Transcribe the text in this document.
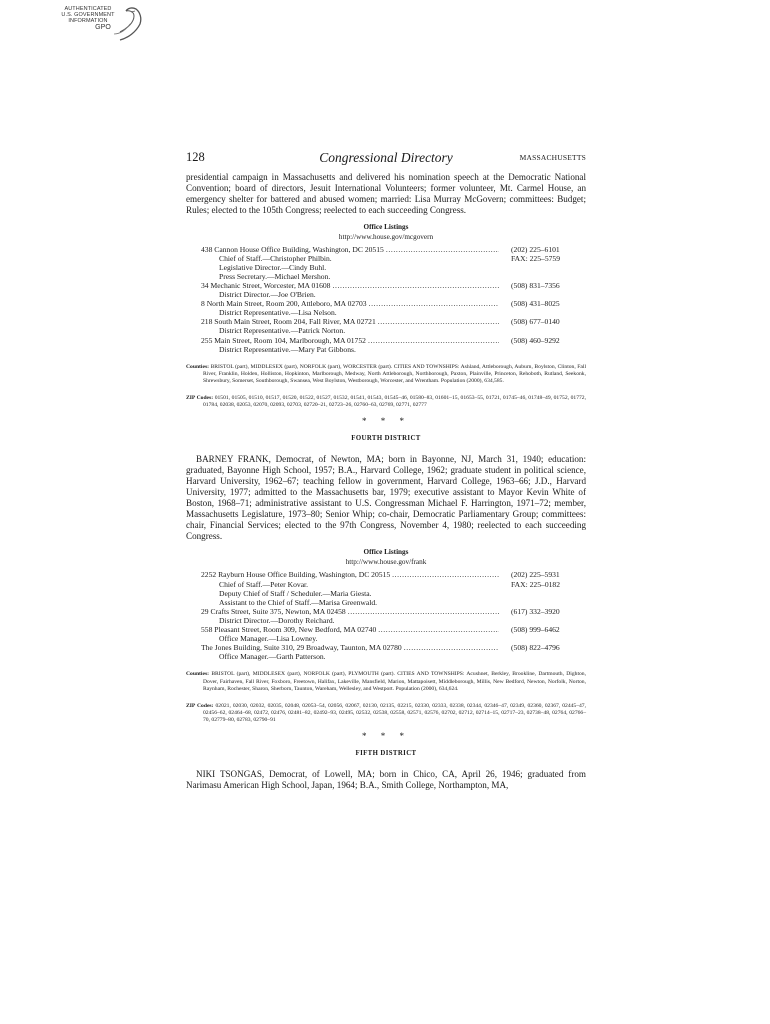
AUTHENTICATED
U.S. GOVERNMENT
INFORMATION
GPO
128	Congressional Directory	MASSACHUSETTS

presidential campaign in Massachusetts and delivered his nomination speech at the Democratic National Convention; board of directors, Jesuit International Volunteers; former volunteer, Mt. Carmel House, an emergency shelter for battered and abused women; married: Lisa Murray McGovern; committees: Budget; Rules; elected to the 105th Congress; reelected to each succeeding Congress.

Office Listings
http://www.house.gov/mcgovern
438 Cannon House Office Building, Washington, DC 20515
.....
Chief of Staff.—Christopher Philbin.
Legislative Director.—Cindy Buhl.
Press Secretary.—Michael Mershon.
(202) 225–6101
FAX: 225–5759
34 Mechanic Street, Worcester, MA 01608
.....
District Director.—Joe O'Brien.
(508) 831–7356
8 North Main Street, Room 200, Attleboro, MA 02703
.....
District Representative.—Lisa Nelson.
(508) 431–8025
218 South Main Street, Room 204, Fall River, MA 02721
.....
District Representative.—Patrick Norton.
(508) 677–0140
255 Main Street, Room 104, Marlborough, MA 01752
.....
District Representative.—Mary Pat Gibbons.
(508) 460–9292
Counties: BRISTOL (part), MIDDLESEX (part), NORFOLK (part), WORCESTER (part). CITIES AND TOWNSHIPS: Ashland, Attleborough, Auburn, Boylston, Clinton, Fall River, Franklin, Holden, Holliston, Hopkinton, Marlborough, Medway, North Attleborough, Northborough, Paxton, Plainville, Princeton, Rehoboth, Rutland, Seekonk, Shrewsbury, Somerset, Southborough, Swansea, West Boylston, Westborough, Worcester, and Wrentham. Population (2000), 634,585.
ZIP Codes: 01501, 01505, 01510, 01517, 01520, 01522, 01527, 01532, 01541, 01543, 01545–46, 01580–83, 01601–15, 01653–55, 01721, 01745–46, 01748–49, 01752, 01772, 01784, 02038, 02053, 02070, 02093, 02703, 02720–21, 02723–26, 02760–63, 02769, 02771, 02777
* * *
FOURTH DISTRICT

BARNEY FRANK, Democrat, of Newton, MA; born in Bayonne, NJ, March 31, 1940; education: graduated, Bayonne High School, 1957; B.A., Harvard College, 1962; graduate student in political science, Harvard University, 1962–67; teaching fellow in government, Harvard College, 1963–66; J.D., Harvard University, 1977; admitted to the Massachusetts bar, 1979; executive assistant to Mayor Kevin White of Boston, 1968–71; administrative assistant to U.S. Congressman Michael F. Harrington, 1971–72; member, Massachusetts Legislature, 1973–80; Senior Whip; co-chair, Democratic Parliamentary Group; committees: chair, Financial Services; elected to the 97th Congress, November 4, 1980; reelected to each succeeding Congress.

Office Listings
http://www.house.gov/frank
2252 Rayburn House Office Building, Washington, DC 20515
.....
Chief of Staff.—Peter Kovar.
Deputy Chief of Staff / Scheduler.—Maria Giesta.
Assistant to the Chief of Staff.—Marisa Greenwald.
(202) 225–5931
FAX: 225–0182
29 Crafts Street, Suite 375, Newton, MA 02458
.....
District Director.—Dorothy Reichard.
(617) 332–3920
558 Pleasant Street, Room 309, New Bedford, MA 02740
.....
Office Manager.—Lisa Lowney.
(508) 999–6462
The Jones Building, Suite 310, 29 Broadway, Taunton, MA 02780
.....
Office Manager.—Garth Patterson.
(508) 822–4796
Counties: BRISTOL (part), MIDDLESEX (part), NORFOLK (part), PLYMOUTH (part). CITIES AND TOWNSHIPS: Acushnet, Berkley, Brookline, Dartmouth, Dighton, Dover, Fairhaven, Fall River, Foxboro, Freetown, Halifax, Lakeville, Mansfield, Marion, Mattapoisett, Middleborough, Millis, New Bedford, Newton, Norfolk, Norton, Raynham, Rochester, Sharon, Sherborn, Taunton, Wareham, Wellesley, and Westport. Population (2000), 634,624.
ZIP Codes: 02021, 02030, 02032, 02035, 02048, 02053–54, 02056, 02067, 02130, 02135, 02215, 02330, 02333, 02338, 02344, 02346–47, 02349, 02360, 02367, 02445–47, 02456–62, 02464–68, 02472, 02476, 02481–82, 02492–93, 02495, 02532, 02538, 02558, 02571, 02576, 02702, 02712, 02714–15, 02717–23, 02738–48, 02764, 02766–70, 02779–80, 02783, 02790–91
* * *
FIFTH DISTRICT

NIKI TSONGAS, Democrat, of Lowell, MA; born in Chico, CA, April 26, 1946; graduated from Narimasu American High School, Japan, 1964; B.A., Smith College, Northampton, MA,
